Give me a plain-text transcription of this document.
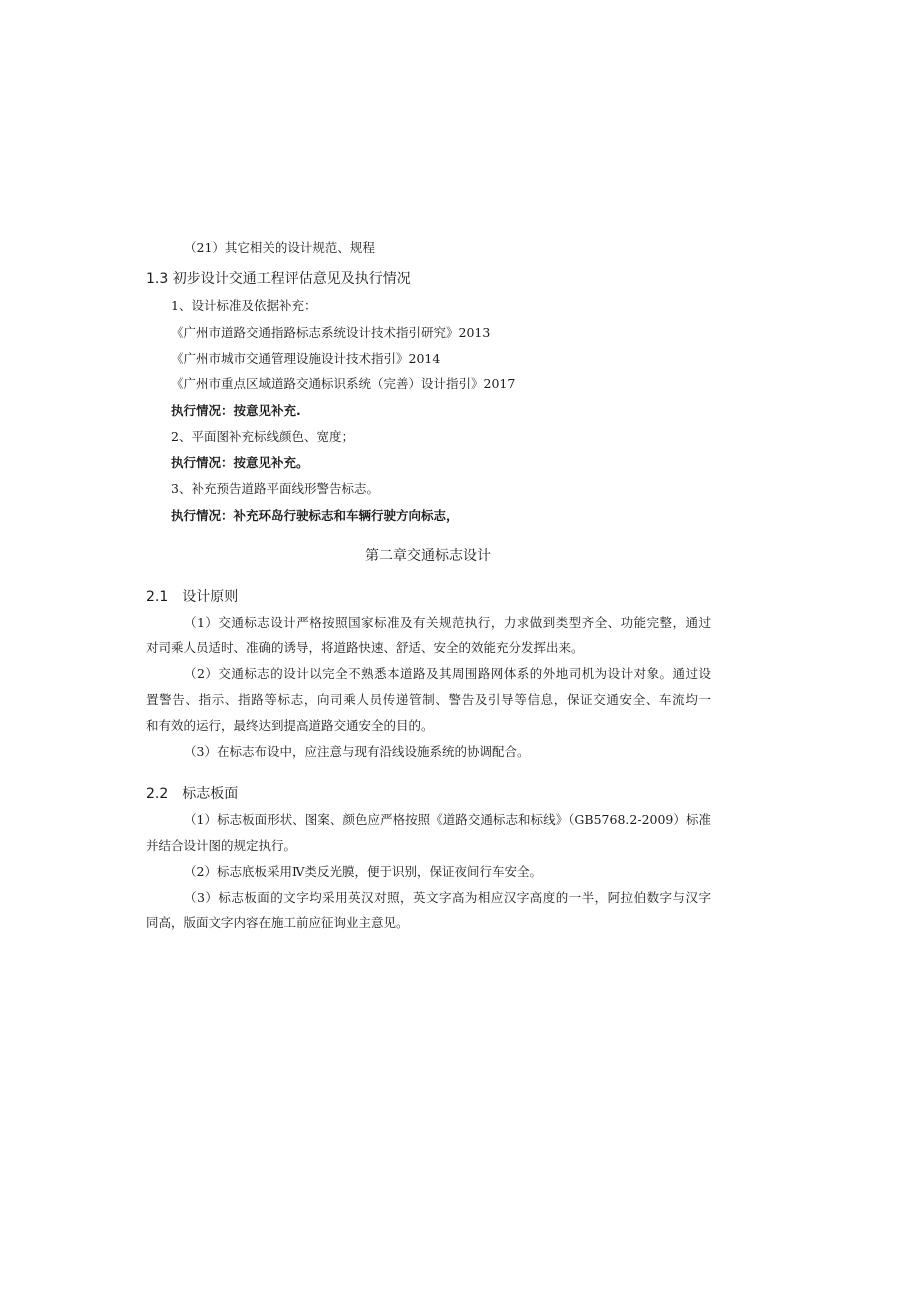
（21）其它相关的设计规范、规程
1.3 初步设计交通工程评估意见及执行情况
1、设计标准及依据补充：
《广州市道路交通指路标志系统设计技术指引研究》2013
《广州市城市交通管理设施设计技术指引》2014
《广州市重点区域道路交通标识系统（完善）设计指引》2017
执行情况：按意见补充.
2、平面图补充标线颜色、宽度；
执行情况：按意见补充。
3、补充预告道路平面线形警告标志。
执行情况：补充环岛行驶标志和车辆行驶方向标志，
第二章交通标志设计
2.1　设计原则
（1）交通标志设计严格按照国家标准及有关规范执行，力求做到类型齐全、功能完整，通过
对司乘人员适时、准确的诱导，将道路快速、舒适、安全的效能充分发挥出来。
（2）交通标志的设计以完全不熟悉本道路及其周围路网体系的外地司机为设计对象。通过设
置警告、指示、指路等标志，向司乘人员传递管制、警告及引导等信息，保证交通安全、车流均一
和有效的运行，最终达到提高道路交通安全的目的。
（3）在标志布设中，应注意与现有沿线设施系统的协调配合。
2.2　标志板面
（1）标志板面形状、图案、颜色应严格按照《道路交通标志和标线》（GB5768.2-2009）标准
并结合设计图的规定执行。
（2）标志底板采用Ⅳ类反光膜，便于识别，保证夜间行车安全。
（3）标志板面的文字均采用英汉对照，英文字高为相应汉字高度的一半，阿拉伯数字与汉字
同高，版面文字内容在施工前应征询业主意见。
